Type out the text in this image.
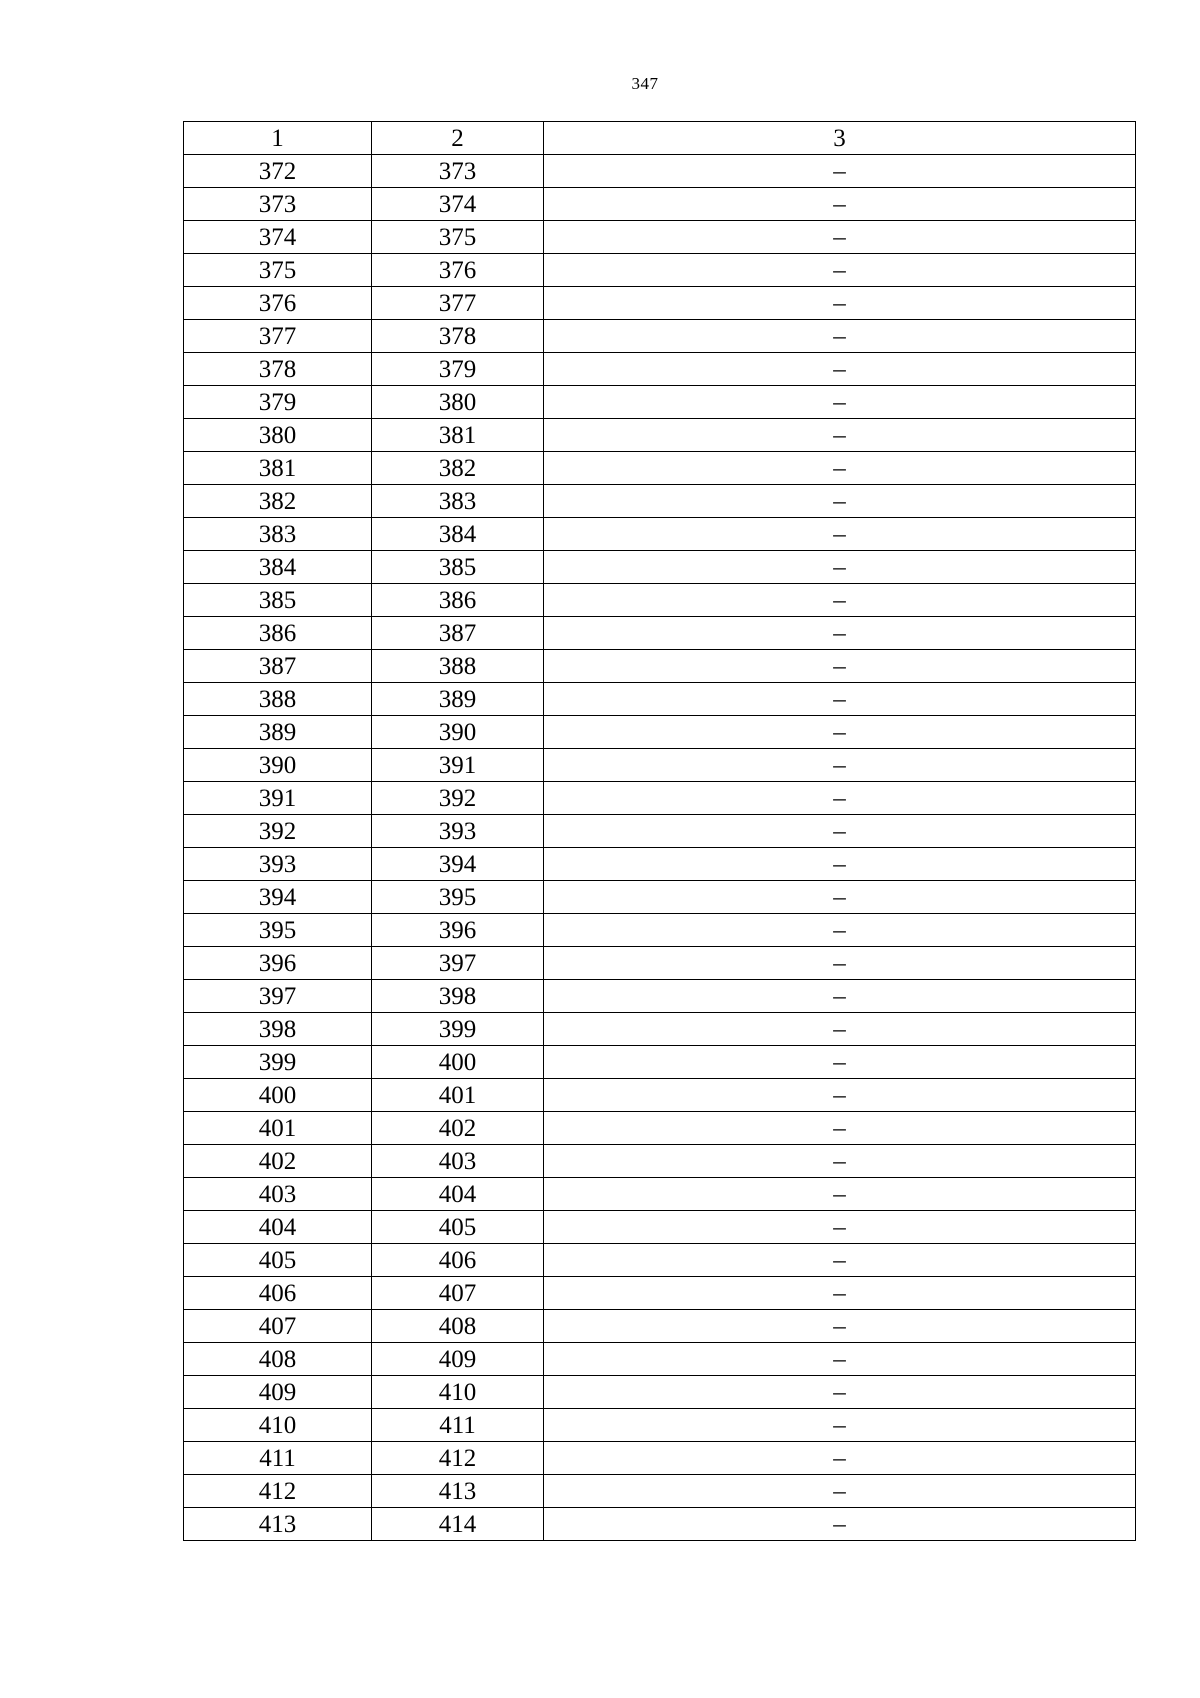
347
1	2	3
372	373	–
373	374	–
374	375	–
375	376	–
376	377	–
377	378	–
378	379	–
379	380	–
380	381	–
381	382	–
382	383	–
383	384	–
384	385	–
385	386	–
386	387	–
387	388	–
388	389	–
389	390	–
390	391	–
391	392	–
392	393	–
393	394	–
394	395	–
395	396	–
396	397	–
397	398	–
398	399	–
399	400	–
400	401	–
401	402	–
402	403	–
403	404	–
404	405	–
405	406	–
406	407	–
407	408	–
408	409	–
409	410	–
410	411	–
411	412	–
412	413	–
413	414	–
